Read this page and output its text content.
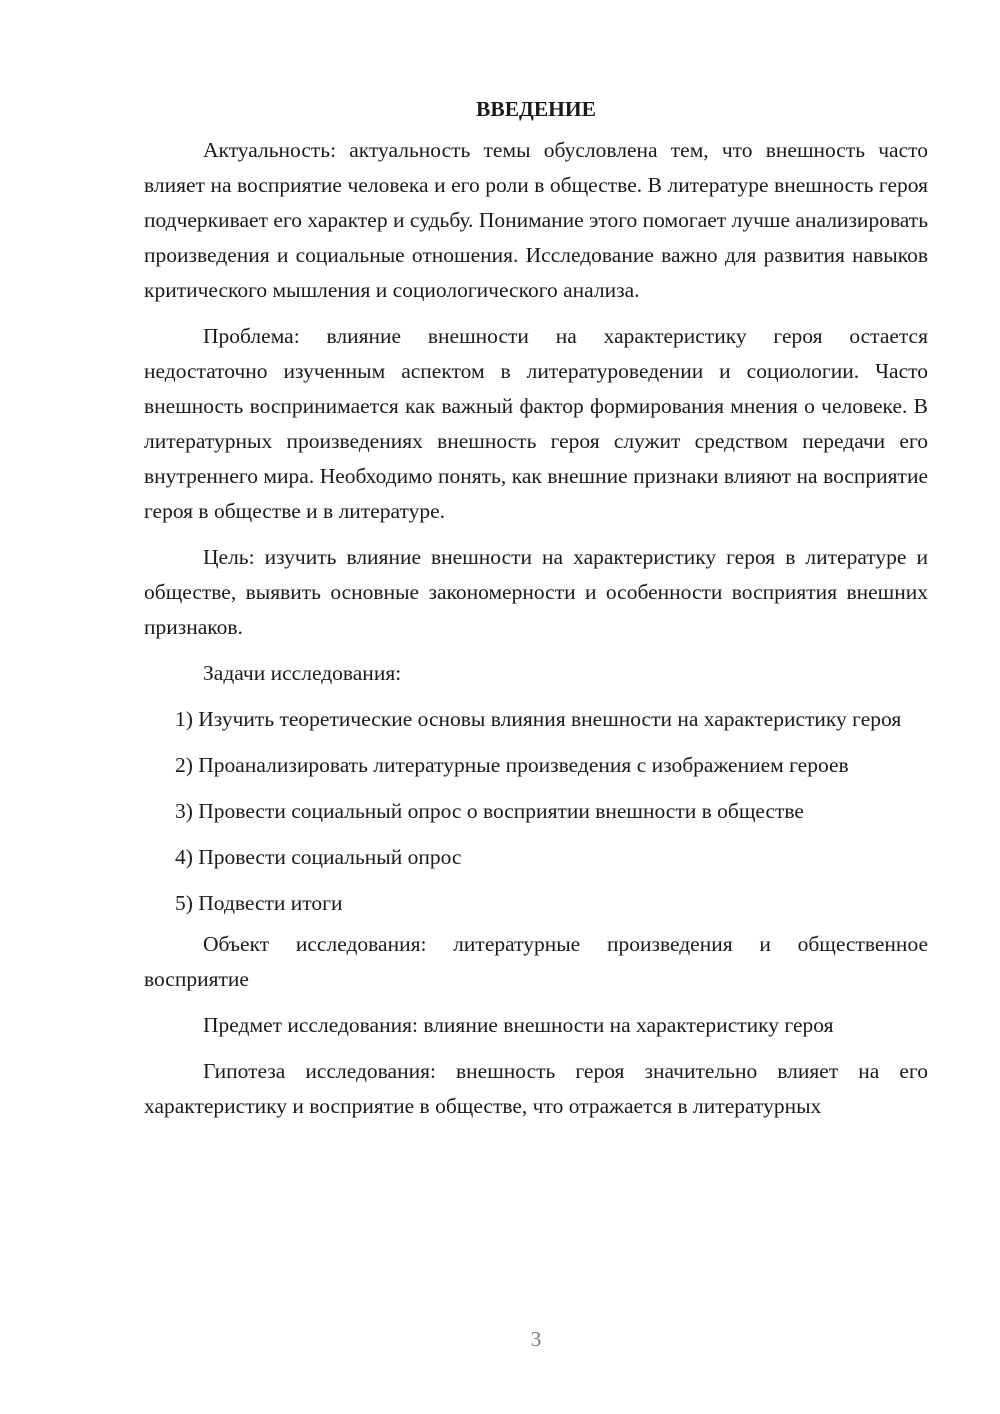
ВВЕДЕНИЕ

Актуальность: актуальность темы обусловлена тем, что внешность часто влияет на восприятие человека и его роли в обществе. В литературе внешность героя подчеркивает его характер и судьбу. Понимание этого помогает лучше анализировать произведения и социальные отношения. Исследование важно для развития навыков критического мышления и социологического анализа.

Проблема: влияние внешности на характеристику героя остается недостаточно изученным аспектом в литературоведении и социологии. Часто внешность воспринимается как важный фактор формирования мнения о человеке. В литературных произведениях внешность героя служит средством передачи его внутреннего мира. Необходимо понять, как внешние признаки влияют на восприятие героя в обществе и в литературе.

Цель: изучить влияние внешности на характеристику героя в литературе и обществе, выявить основные закономерности и особенности восприятия внешних признаков.

Задачи исследования:

1) Изучить теоретические основы влияния внешности на характеристику героя

2) Проанализировать литературные произведения с изображением героев

3) Провести социальный опрос о восприятии внешности в обществе

4) Провести социальный опрос

5) Подвести итоги

Объект исследования: литературные произведения и общественное восприятие

Предмет исследования: влияние внешности на характеристику героя

Гипотеза исследования: внешность героя значительно влияет на его характеристику и восприятие в обществе, что отражается в литературных

3
